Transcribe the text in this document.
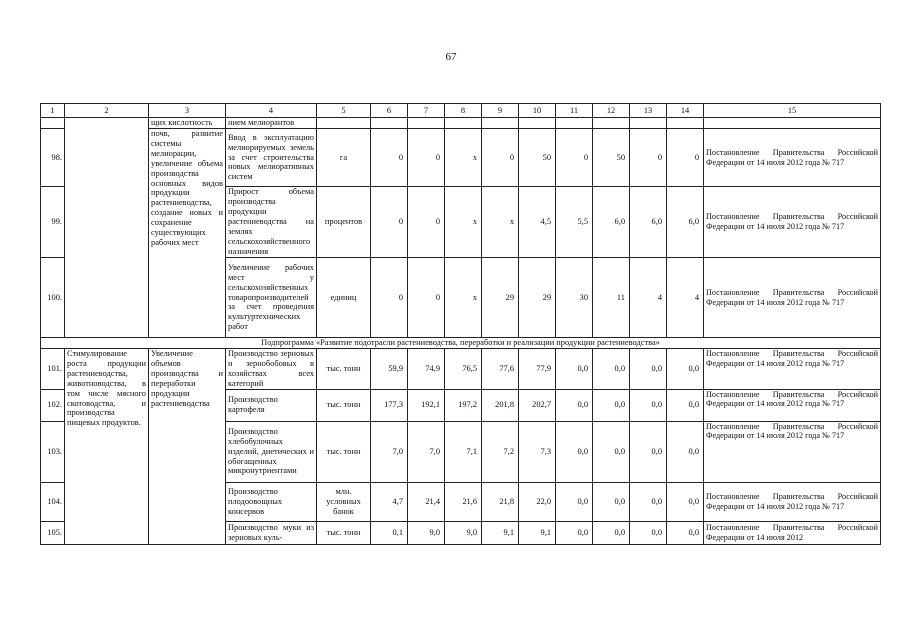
67
1	2	3	4	5	6	7	8	9	10	11	12	13	14	15
		щих кислотность	нием мелиорантов											
98.		почв, развитие системы мелиорации, увеличение объема производства основных видов продукции растениеводства, создание новых и сохранение существующих рабочих мест	Ввод в эксплуатацию мелиорируемых земель за счет строительства новых мелиоративных систем	га	0	0	х	0	50	0	50	0	0	Постановление Правительства Российской Федерации от 14 июля 2012 года № 717
99.			Прирост объема производства продукции растениеводства на землях сельскохозяйственного назначения	процентов	0	0	х	х	4,5	5,5	6,0	6,0	6,0	Постановление Правительства Российской Федерации от 14 июля 2012 года № 717
100.			Увеличение рабочих мест у сельскохозяйственных товаропроизводителей за счет проведения культуртехнических работ	единиц	0	0	х	29	29	30	11	4	4	Постановление Правительства Российской Федерации от 14 июля 2012 года № 717
Подпрограмма «Развитие подотрасли растениеводства, переработки и реализации продукции растениеводства»														
101.	Стимулирование роста продукции растениеводства, животноводства, в том числе мясного скотоводства, и производства пищевых продуктов.	Увеличение объемов производства и переработки продукции растениеводства	Производство зерновых и зернобобовых в хозяйствах всех категорий	тыс. тонн	59,9	74,9	76,5	77,6	77,9	0,0	0,0	0,0	0,0	Постановление Правительства Российской Федерации от 14 июля 2012 года № 717
102.			Производство картофеля	тыс. тонн	177,3	192,1	197,2	201,8	202,7	0,0	0,0	0,0	0,0	Постановление Правительства Российской Федерации от 14 июля 2012 года № 717
103.			Производство хлебобулочных изделий, диетических и обогащенных микронутриентами	тыс. тонн	7,0	7,0	7,1	7,2	7,3	0,0	0,0	0,0	0,0	Постановление Правительства Российской Федерации от 14 июля 2012 года № 717
104.			Производство плодоовощных консервов	млн. условных банок	4,7	21,4	21,6	21,8	22,0	0,0	0,0	0,0	0,0	Постановление Правительства Российской Федерации от 14 июля 2012 года № 717
105.			Производство муки из зерновых куль-	тыс. тонн	0,1	9,0	9,0	9,1	9,1	0,0	0,0	0,0	0,0	Постановление Правительства Российской Федерации от 14 июля 2012
